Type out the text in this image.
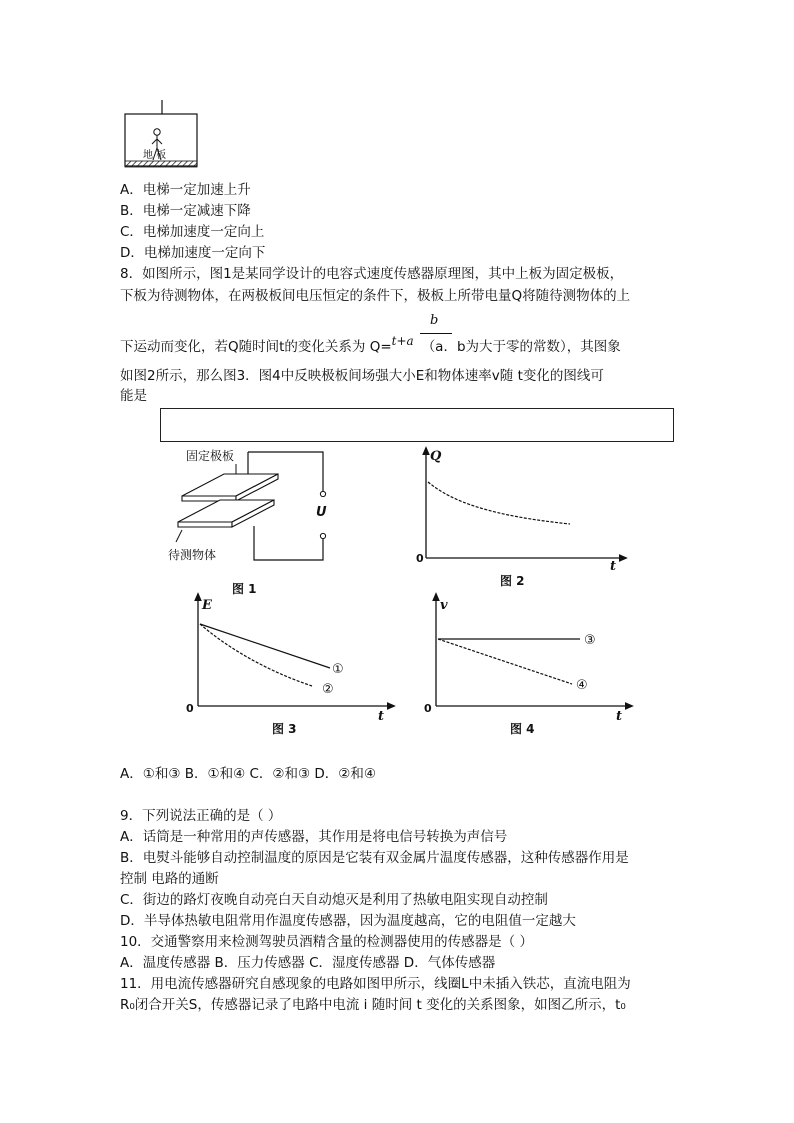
地 板
A．电梯一定加速上升
B．电梯一定减速下降
C．电梯加速度一定向上
D．电梯加速度一定向下
8．如图所示，图1是某同学设计的电容式速度传感器原理图，其中上板为固定极板，
下板为待测物体，在两极板间电压恒定的条件下，极板上所带电量Q将随待测物体的上
b
下运动而变化，若Q随时间t的变化关系为 Q=t+a （a．b为大于零的常数），其图象
如图2所示，那么图3．图4中反映极板间场强大小E和物体速率v随 t变化的图线可
能是
固定极板
U
待测物体
图 1
Q
0
t
图 2
E
0
t
①
②
图 3
v
0
t
③
④
图 4
A．①和③ B．①和④ C．②和③ D．②和④
9．下列说法正确的是（ ）
A．话筒是一种常用的声传感器，其作用是将电信号转换为声信号
B．电熨斗能够自动控制温度的原因是它装有双金属片温度传感器，这种传感器作用是
控制 电路的通断
C．街边的路灯夜晚自动亮白天自动熄灭是利用了热敏电阻实现自动控制
D．半导体热敏电阻常用作温度传感器，因为温度越高，它的电阻值一定越大
10．交通警察用来检测驾驶员酒精含量的检测器使用的传感器是（ ）
A．温度传感器 B．压力传感器 C．湿度传感器 D．气体传感器
11．用电流传感器研究自感现象的电路如图甲所示，线圈L中未插入铁芯，直流电阻为
R₀闭合开关S，传感器记录了电路中电流 i 随时间 t 变化的关系图象，如图乙所示，t₀
